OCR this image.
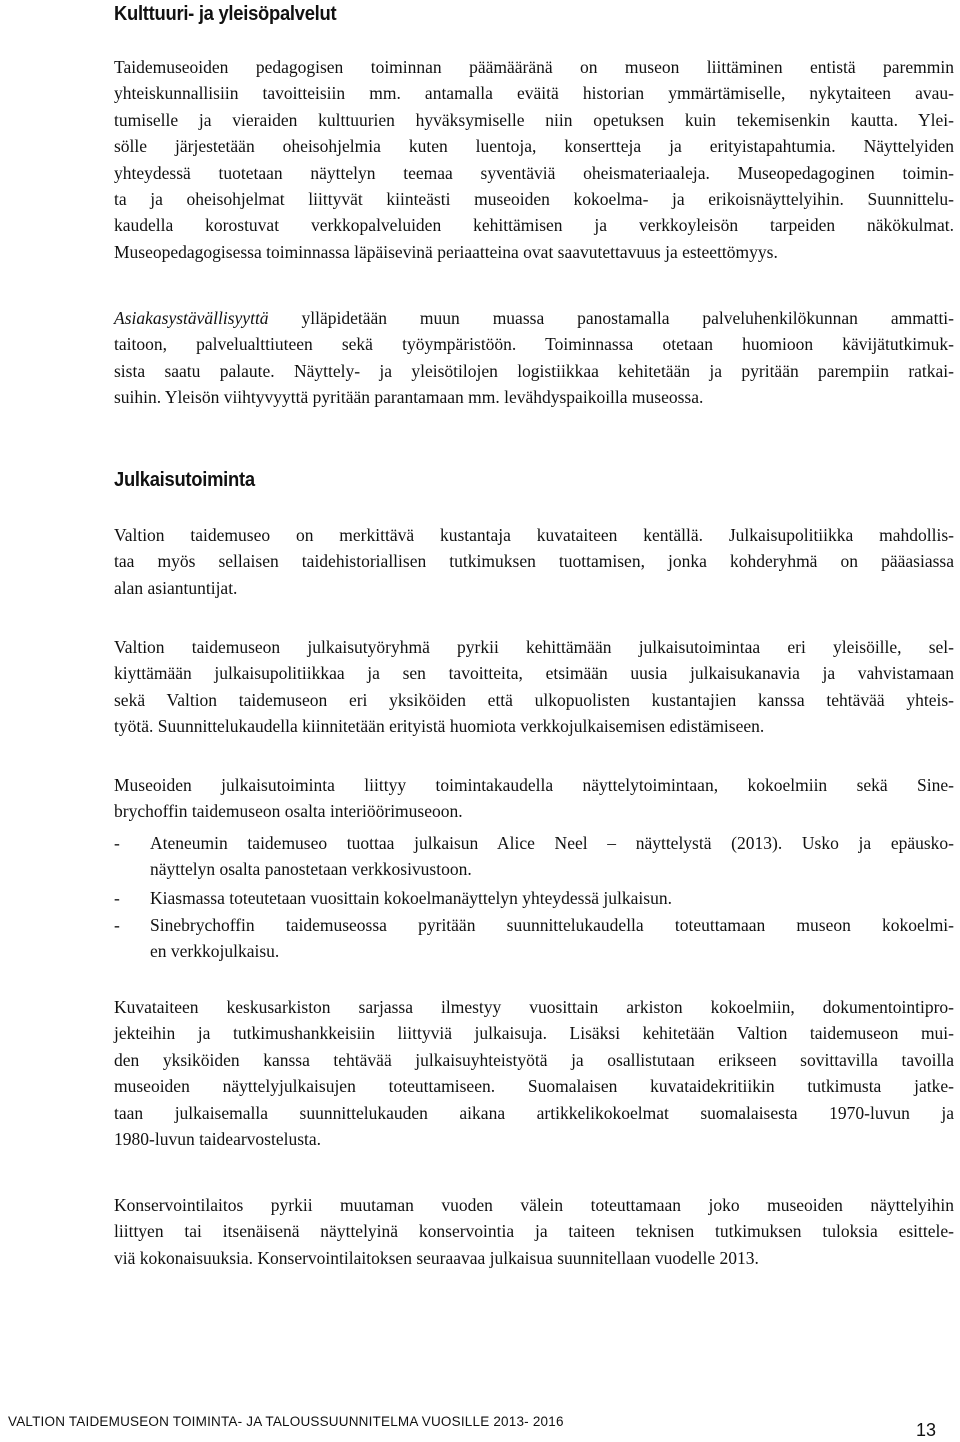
Kulttuuri- ja yleisöpalvelut

Taidemuseoiden pedagogisen toiminnan päämääränä on museon liittäminen entistä paremmin
yhteiskunnallisiin tavoitteisiin mm. antamalla eväitä historian ymmärtämiselle, nykytaiteen avau-
tumiselle ja vieraiden kulttuurien hyväksymiselle niin opetuksen kuin tekemisenkin kautta. Ylei-
sölle järjestetään oheisohjelmia kuten luentoja, konsertteja ja erityistapahtumia. Näyttelyiden
yhteydessä tuotetaan näyttelyn teemaa syventäviä oheismateriaaleja. Museopedagoginen toimin-
ta ja oheisohjelmat liittyvät kiinteästi museoiden kokoelma- ja erikoisnäyttelyihin. Suunnittelu-
kaudella korostuvat verkkopalveluiden kehittämisen ja verkkoyleisön tarpeiden näkökulmat.
Museopedagogisessa toiminnassa läpäisevinä periaatteina ovat saavutettavuus ja esteettömyys.

Asiakasystävällisyyttä ylläpidetään muun muassa panostamalla palveluhenkilökunnan ammatti-
taitoon, palvelualttiuteen sekä työympäristöön. Toiminnassa otetaan huomioon kävijätutkimuk-
sista saatu palaute. Näyttely- ja yleisötilojen logistiikkaa kehitetään ja pyritään parempiin ratkai-
suihin. Yleisön viihtyvyyttä pyritään parantamaan mm. levähdyspaikoilla museossa.

Julkaisutoiminta

Valtion taidemuseo on merkittävä kustantaja kuvataiteen kentällä. Julkaisupolitiikka mahdollis-
taa myös sellaisen taidehistoriallisen tutkimuksen tuottamisen, jonka kohderyhmä on pääasiassa
alan asiantuntijat.

Valtion taidemuseon julkaisutyöryhmä pyrkii kehittämään julkaisutoimintaa eri yleisöille, sel-
kiyttämään julkaisupolitiikkaa ja sen tavoitteita, etsimään uusia julkaisukanavia ja vahvistamaan
sekä Valtion taidemuseon eri yksiköiden että ulkopuolisten kustantajien kanssa tehtävää yhteis-
työtä. Suunnittelukaudella kiinnitetään erityistä huomiota verkkojulkaisemisen edistämiseen.

Museoiden julkaisutoiminta liittyy toimintakaudella näyttelytoimintaan, kokoelmiin sekä Sine-
brychoffin taidemuseon osalta interiöörimuseoon.

- Ateneumin taidemuseo tuottaa julkaisun Alice Neel – näyttelystä (2013). Usko ja epäusko-
näyttelyn osalta panostetaan verkkosivustoon.
- Kiasmassa toteutetaan vuosittain kokoelmanäyttelyn yhteydessä julkaisun.
- Sinebrychoffin taidemuseossa pyritään suunnittelukaudella toteuttamaan museon kokoelmi-
en verkkojulkaisu.

Kuvataiteen keskusarkiston sarjassa ilmestyy vuosittain arkiston kokoelmiin, dokumentointipro-
jekteihin ja tutkimushankkeisiin liittyviä julkaisuja. Lisäksi kehitetään Valtion taidemuseon mui-
den yksiköiden kanssa tehtävää julkaisuyhteistyötä ja osallistutaan erikseen sovittavilla tavoilla
museoiden näyttelyjulkaisujen toteuttamiseen. Suomalaisen kuvataidekritiikin tutkimusta jatke-
taan julkaisemalla suunnittelukauden aikana artikkelikokoelmat suomalaisesta 1970-luvun ja
1980-luvun taidearvostelusta.

Konservointilaitos pyrkii muutaman vuoden välein toteuttamaan joko museoiden näyttelyihin
liittyen tai itsenäisenä näyttelyinä konservointia ja taiteen teknisen tutkimuksen tuloksia esittele-
viä kokonaisuuksia. Konservointilaitoksen seuraavaa julkaisua suunnitellaan vuodelle 2013.

VALTION TAIDEMUSEON TOIMINTA- JA TALOUSSUUNNITELMA VUOSILLE 2013- 2016	13
